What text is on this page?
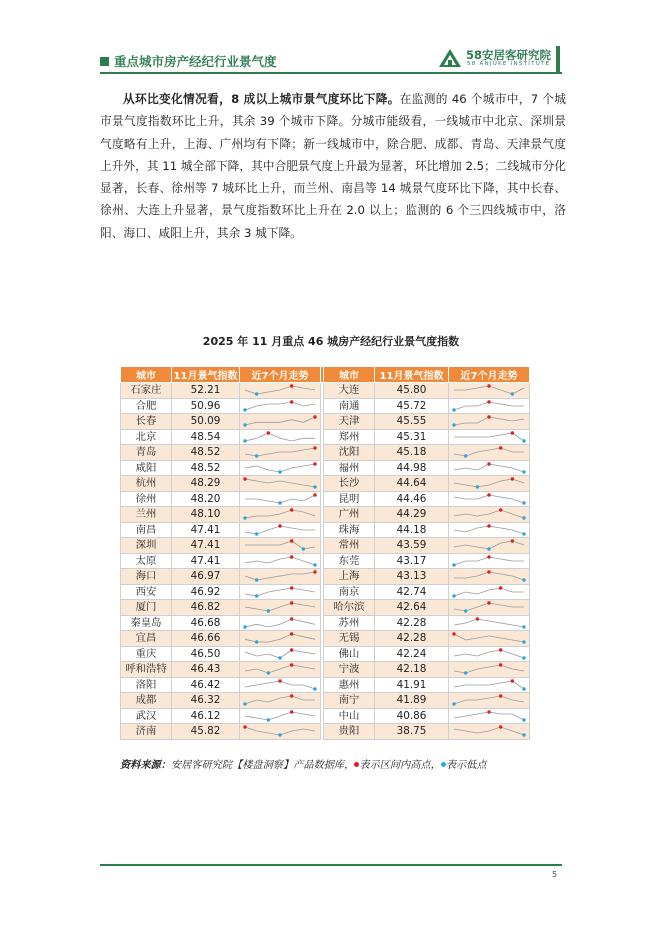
重点城市房产经纪行业景气度	58安居客研究院
58 ANJUKE INSTITUTE

从环比变化情况看，8 成以上城市景气度环比下降。在监测的 46 个城市中，7 个城市景气度指数环比上升，其余 39 个城市下降。分城市能级看，一线城市中北京、深圳景气度略有上升，上海、广州均有下降；新一线城市中，除合肥、成都、青岛、天津景气度上升外，其 11 城全部下降，其中合肥景气度上升最为显著，环比增加 2.5；二线城市分化显著，长春、徐州等 7 城环比上升，而兰州、南昌等 14 城景气度环比下降，其中长春、徐州、大连上升显著，景气度指数环比上升在 2.0 以上；监测的 6 个三四线城市中，洛阳、海口、咸阳上升，其余 3 城下降。

2025 年 11 月重点 46 城房产经纪行业景气度指数
城市	11月景气指数	近7个月走势		城市	11月景气指数	近7个月走势
石家庄	52.21			大连	45.80	

合肥	50.96			南通	45.72	

长春	50.09			天津	45.55	

北京	48.54			郑州	45.31	

青岛	48.52			沈阳	45.18	

咸阳	48.52			福州	44.98	

杭州	48.29			长沙	44.64	

徐州	48.20			昆明	44.46	

兰州	48.10			广州	44.29	

南昌	47.41			珠海	44.18	

深圳	47.41			常州	43.59	

太原	47.41			东莞	43.17	

海口	46.97			上海	43.13	

西安	46.92			南京	42.74	

厦门	46.82			哈尔滨	42.64	

秦皇岛	46.68			苏州	42.28	

宜昌	46.66			无锡	42.28	

重庆	46.50			佛山	42.24	

呼和浩特	46.43			宁波	42.18	

洛阳	46.42			惠州	41.91	

成都	46.32			南宁	41.89	

武汉	46.12			中山	40.86	

济南	45.82			贵阳	38.75	
资料来源：安居客研究院【楼盘洞察】产品数据库， 表示区间内高点， 表示低点
5
